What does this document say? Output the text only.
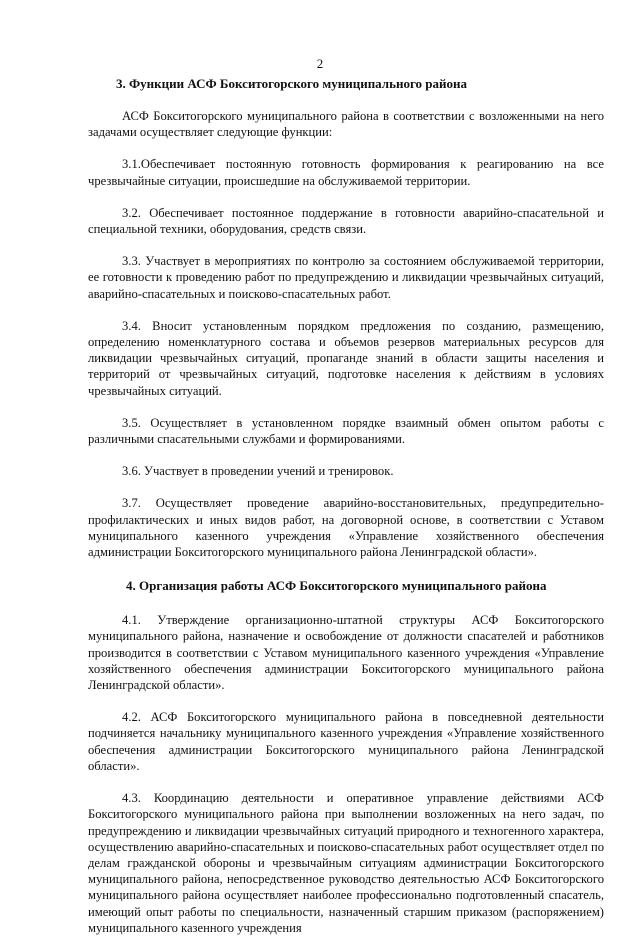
2
3. Функции АСФ Бокситогорского муниципального района

АСФ Бокситогорского муниципального района в соответствии с возложенными на него задачами осуществляет следующие функции:

3.1.Обеспечивает постоянную готовность формирования к реагированию на все чрезвычайные ситуации, происшедшие на обслуживаемой территории.

3.2. Обеспечивает постоянное поддержание в готовности аварийно-спасательной и специальной техники, оборудования, средств связи.

3.3. Участвует в мероприятиях по контролю за состоянием обслуживаемой территории, ее готовности к проведению работ по предупреждению и ликвидации чрезвычайных ситуаций, аварийно-спасательных и поисково-спасательных работ.

3.4. Вносит установленным порядком предложения по созданию, размещению, определению номенклатурного состава и объемов резервов материальных ресурсов для ликвидации чрезвычайных ситуаций, пропаганде знаний в области защиты населения и территорий от чрезвычайных ситуаций, подготовке населения к действиям в условиях чрезвычайных ситуаций.

3.5. Осуществляет в установленном порядке взаимный обмен опытом работы с различными спасательными службами и формированиями.

3.6. Участвует в проведении учений и тренировок.

3.7. Осуществляет проведение аварийно-восстановительных, предупредительно-профилактических и иных видов работ, на договорной основе, в соответствии с Уставом муниципального казенного учреждения «Управление хозяйственного обеспечения администрации Бокситогорского муниципального района Ленинградской области».

4. Организация работы АСФ Бокситогорского муниципального района

4.1. Утверждение организационно-штатной структуры АСФ Бокситогорского муниципального района, назначение и освобождение от должности спасателей и работников производится в соответствии с Уставом муниципального казенного учреждения «Управление хозяйственного обеспечения администрации Бокситогорского муниципального района Ленинградской области».

4.2. АСФ Бокситогорского муниципального района в повседневной деятельности подчиняется начальнику муниципального казенного учреждения «Управление хозяйственного обеспечения администрации Бокситогорского муниципального района Ленинградской области».

4.3. Координацию деятельности и оперативное управление действиями АСФ Бокситогорского муниципального района при выполнении возложенных на него задач, по предупреждению и ликвидации чрезвычайных ситуаций природного и техногенного характера, осуществлению аварийно-спасательных и поисково-спасательных работ осуществляет отдел по делам гражданской обороны и чрезвычайным ситуациям администрации Бокситогорского муниципального района, непосредственное руководство деятельностью АСФ Бокситогорского муниципального района осуществляет наиболее профессионально подготовленный спасатель, имеющий опыт работы по специальности, назначенный старшим приказом (распоряжением) муниципального казенного учреждения
